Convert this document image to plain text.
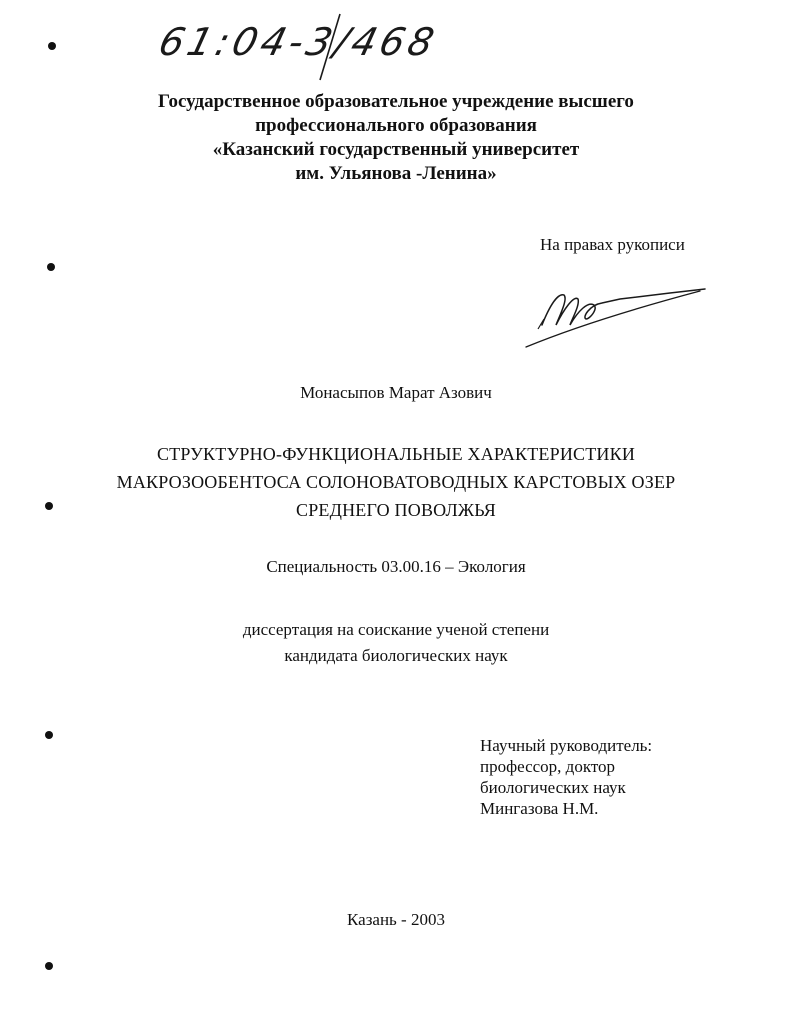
61:04-3/468
Государственное образовательное учреждение высшего
профессионального образования
«Казанский государственный университет
им. Ульянова -Ленина»
На правах рукописи
Монасыпов Марат Азович
СТРУКТУРНО-ФУНКЦИОНАЛЬНЫЕ ХАРАКТЕРИСТИКИ
МАКРОЗООБЕНТОСА СОЛОНОВАТОВОДНЫХ КАРСТОВЫХ ОЗЕР
СРЕДНЕГО ПОВОЛЖЬЯ
Специальность 03.00.16 – Экология
диссертация на соискание ученой степени
кандидата биологических наук
Научный руководитель:
профессор, доктор
биологических наук
Мингазова Н.М.
Казань - 2003
